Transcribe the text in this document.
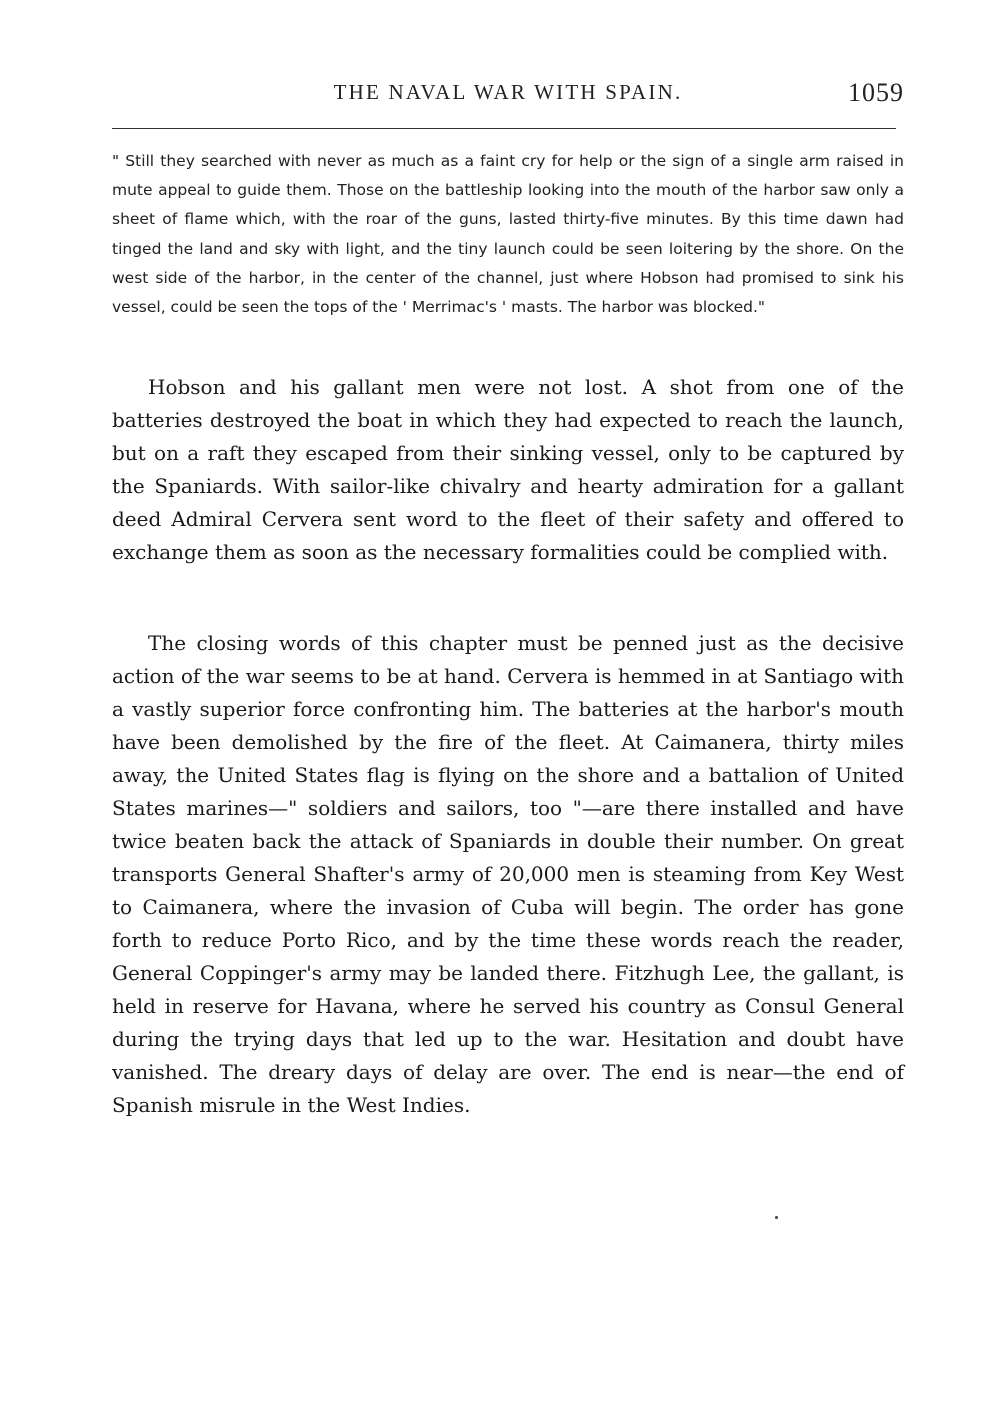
THE NAVAL WAR WITH SPAIN.	1059

" Still they searched with never as much as a faint cry for help or the sign of a single arm raised in mute appeal to guide them. Those on the battleship looking into the mouth of the harbor saw only a sheet of flame which, with the roar of the guns, lasted thirty-five minutes. By this time dawn had tinged the land and sky with light, and the tiny launch could be seen loitering by the shore. On the west side of the harbor, in the center of the channel, just where Hobson had promised to sink his vessel, could be seen the tops of the ' Merrimac's ' masts. The harbor was blocked."

Hobson and his gallant men were not lost. A shot from one of the batteries destroyed the boat in which they had expected to reach the launch, but on a raft they escaped from their sinking vessel, only to be captured by the Spaniards. With sailor-like chivalry and hearty admiration for a gallant deed Admiral Cervera sent word to the fleet of their safety and offered to exchange them as soon as the necessary formalities could be complied with.

The closing words of this chapter must be penned just as the decisive action of the war seems to be at hand. Cervera is hemmed in at Santiago with a vastly superior force confronting him. The batteries at the harbor's mouth have been demolished by the fire of the fleet. At Caimanera, thirty miles away, the United States flag is flying on the shore and a battalion of United States marines—" soldiers and sailors, too "—are there installed and have twice beaten back the attack of Spaniards in double their number. On great transports General Shafter's army of 20,000 men is steaming from Key West to Caimanera, where the invasion of Cuba will begin. The order has gone forth to reduce Porto Rico, and by the time these words reach the reader, General Coppinger's army may be landed there. Fitzhugh Lee, the gallant, is held in reserve for Havana, where he served his country as Consul General during the trying days that led up to the war. Hesitation and doubt have vanished. The dreary days of delay are over. The end is near—the end of Spanish misrule in the West Indies.
